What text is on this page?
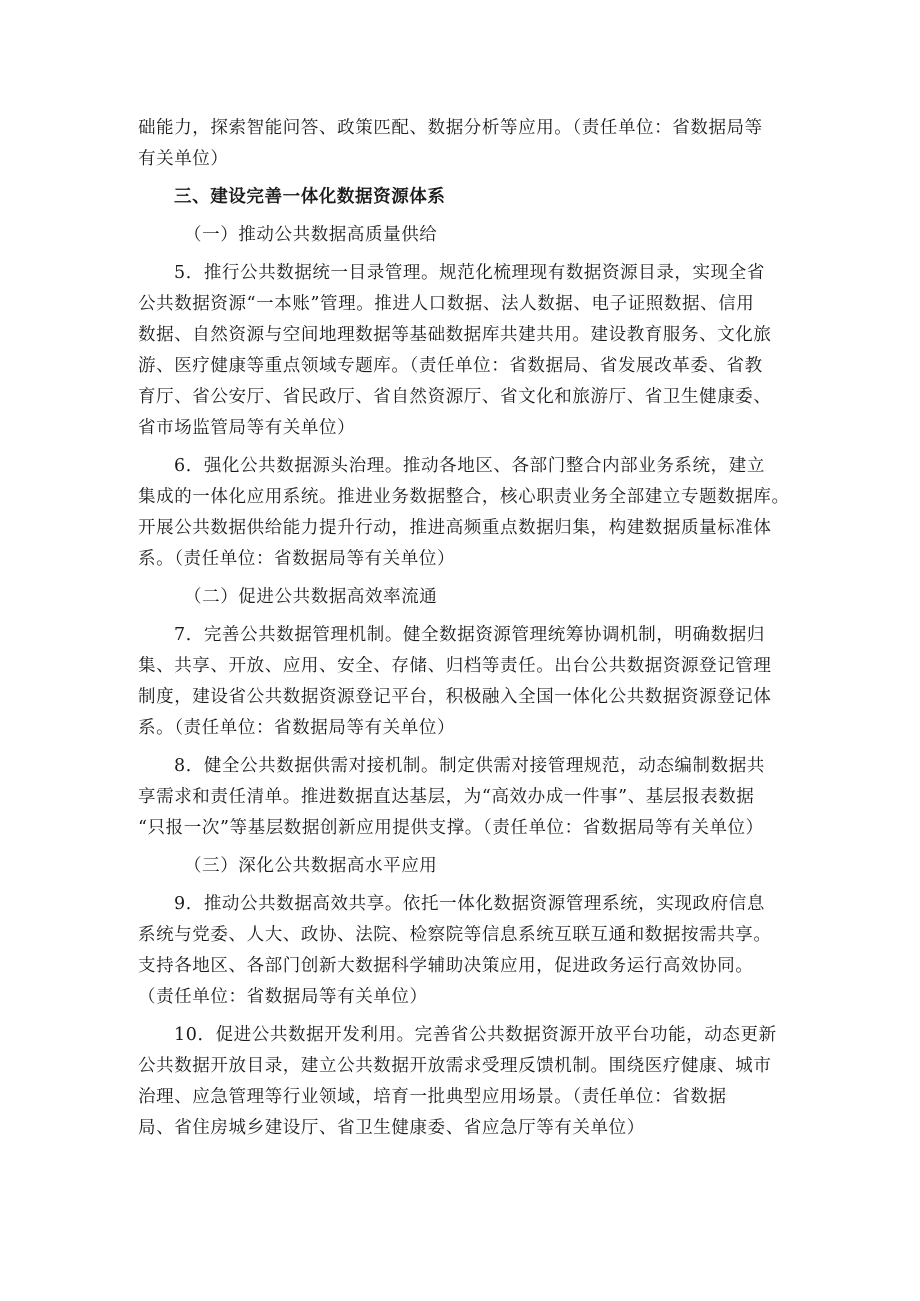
础能力，探索智能问答、政策匹配、数据分析等应用。（责任单位：省数据局等

有关单位）

三、建设完善一体化数据资源体系

（一）推动公共数据高质量供给

5．推行公共数据统一目录管理。规范化梳理现有数据资源目录，实现全省

公共数据资源“一本账”管理。推进人口数据、法人数据、电子证照数据、信用

数据、自然资源与空间地理数据等基础数据库共建共用。建设教育服务、文化旅

游、医疗健康等重点领域专题库。（责任单位：省数据局、省发展改革委、省教

育厅、省公安厅、省民政厅、省自然资源厅、省文化和旅游厅、省卫生健康委、

省市场监管局等有关单位）

6．强化公共数据源头治理。推动各地区、各部门整合内部业务系统，建立

集成的一体化应用系统。推进业务数据整合，核心职责业务全部建立专题数据库。

开展公共数据供给能力提升行动，推进高频重点数据归集，构建数据质量标准体

系。（责任单位：省数据局等有关单位）

（二）促进公共数据高效率流通

7．完善公共数据管理机制。健全数据资源管理统筹协调机制，明确数据归

集、共享、开放、应用、安全、存储、归档等责任。出台公共数据资源登记管理

制度，建设省公共数据资源登记平台，积极融入全国一体化公共数据资源登记体

系。（责任单位：省数据局等有关单位）

8．健全公共数据供需对接机制。制定供需对接管理规范，动态编制数据共

享需求和责任清单。推进数据直达基层，为“高效办成一件事”、基层报表数据

“只报一次”等基层数据创新应用提供支撑。（责任单位：省数据局等有关单位）

（三）深化公共数据高水平应用

9．推动公共数据高效共享。依托一体化数据资源管理系统，实现政府信息

系统与党委、人大、政协、法院、检察院等信息系统互联互通和数据按需共享。

支持各地区、各部门创新大数据科学辅助决策应用，促进政务运行高效协同。

（责任单位：省数据局等有关单位）

10．促进公共数据开发利用。完善省公共数据资源开放平台功能，动态更新

公共数据开放目录，建立公共数据开放需求受理反馈机制。围绕医疗健康、城市

治理、应急管理等行业领域，培育一批典型应用场景。（责任单位：省数据

局、省住房城乡建设厅、省卫生健康委、省应急厅等有关单位）
